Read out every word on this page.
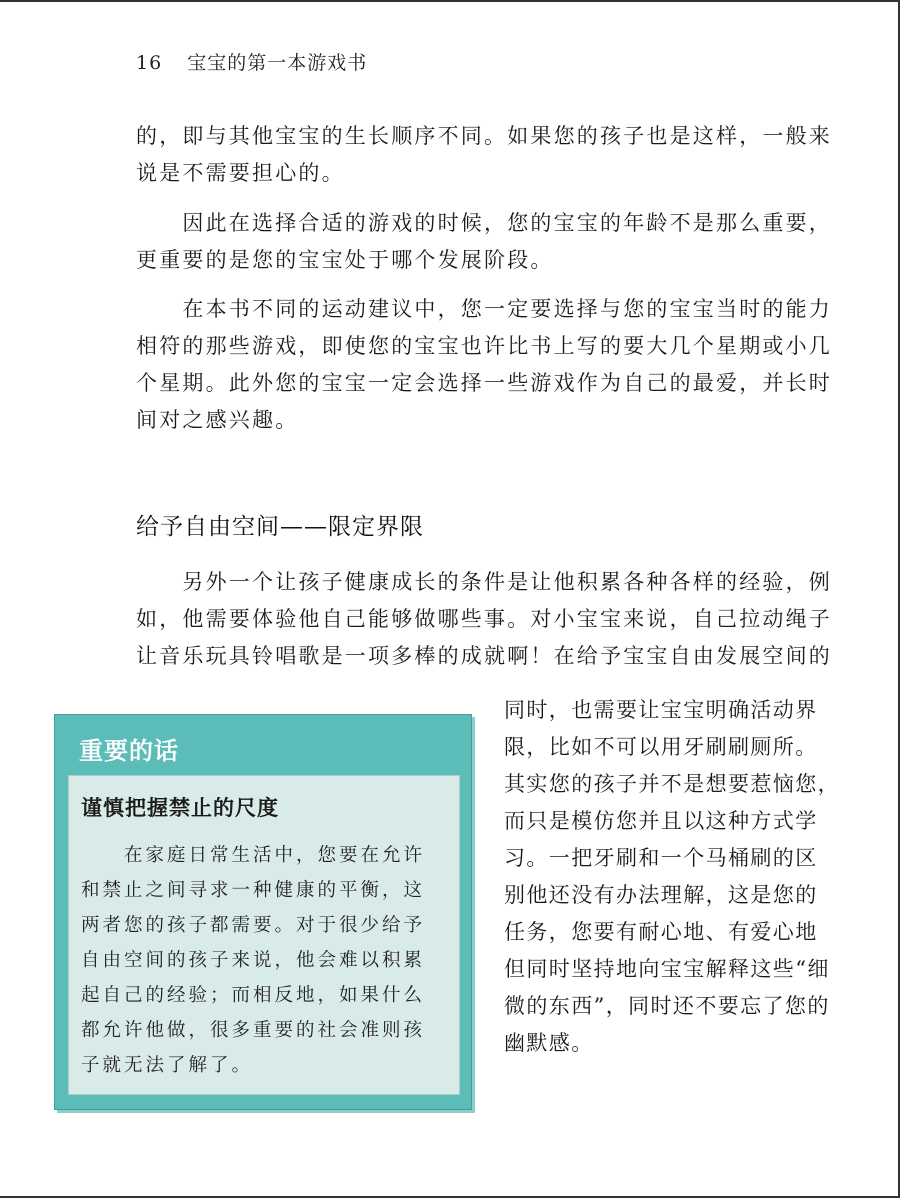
16 宝宝的第一本游戏书
的，即与其他宝宝的生长顺序不同。如果您的孩子也是这样，一般来
说是不需要担心的。
　　因此在选择合适的游戏的时候，您的宝宝的年龄不是那么重要，
更重要的是您的宝宝处于哪个发展阶段。
　　在本书不同的运动建议中，您一定要选择与您的宝宝当时的能力
相符的那些游戏，即使您的宝宝也许比书上写的要大几个星期或小几
个星期。此外您的宝宝一定会选择一些游戏作为自己的最爱，并长时
间对之感兴趣。
给予自由空间——限定界限
　　另外一个让孩子健康成长的条件是让他积累各种各样的经验，例
如，他需要体验他自己能够做哪些事。对小宝宝来说，自己拉动绳子
让音乐玩具铃唱歌是一项多棒的成就啊！在给予宝宝自由发展空间的
同时，也需要让宝宝明确活动界
限，比如不可以用牙刷刷厕所。
其实您的孩子并不是想要惹恼您，
而只是模仿您并且以这种方式学
习。一把牙刷和一个马桶刷的区
别他还没有办法理解，这是您的
任务，您要有耐心地、有爱心地
但同时坚持地向宝宝解释这些“细
微的东西”，同时还不要忘了您的
幽默感。
重要的话
谨慎把握禁止的尺度
　　在家庭日常生活中，您要在允许
和禁止之间寻求一种健康的平衡，这
两者您的孩子都需要。对于很少给予
自由空间的孩子来说，他会难以积累
起自己的经验；而相反地，如果什么
都允许他做，很多重要的社会准则孩
子就无法了解了。
